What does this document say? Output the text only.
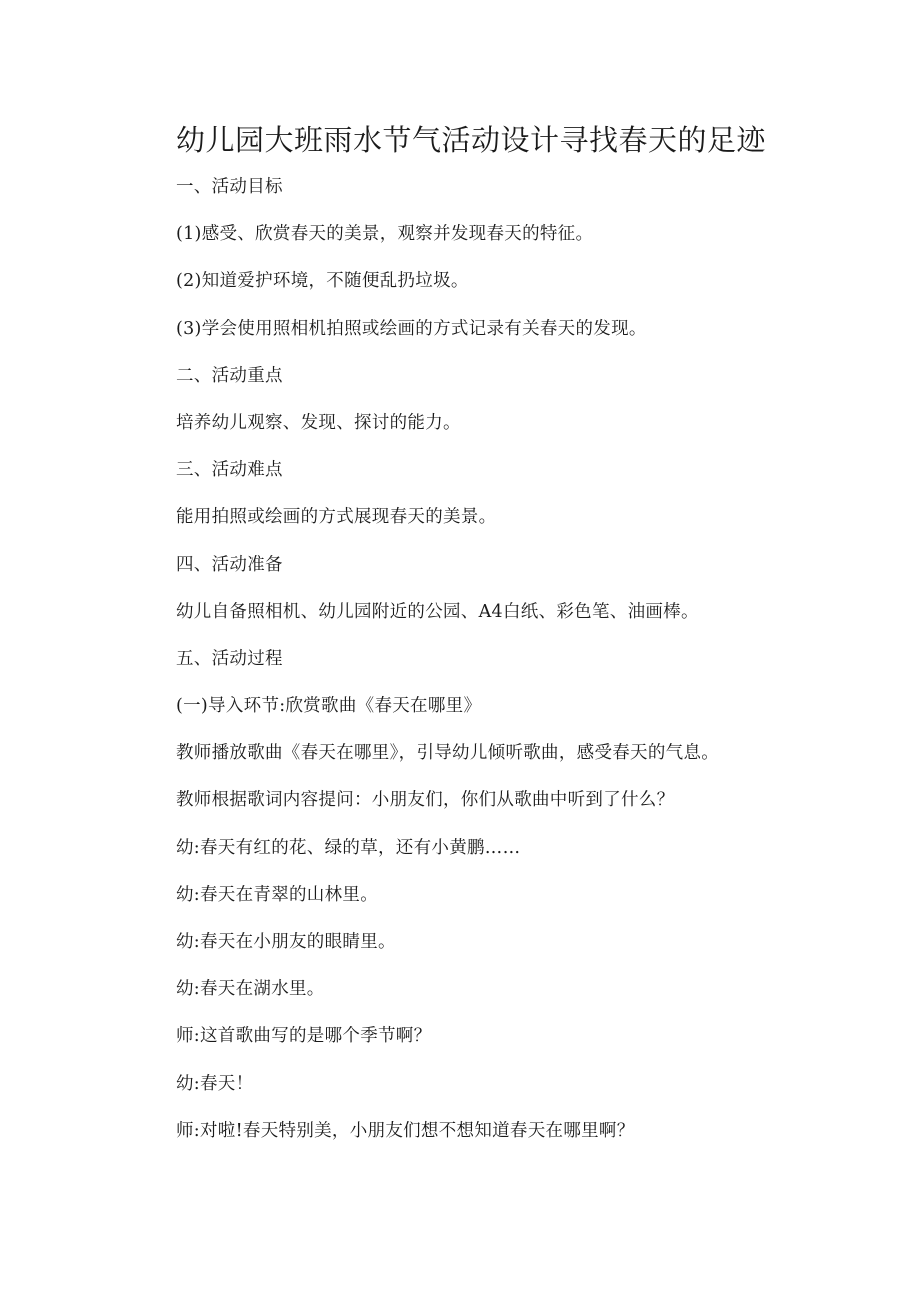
幼儿园大班雨水节气活动设计寻找春天的足迹
一、活动目标
(1)感受、欣赏春天的美景，观察并发现春天的特征。
(2)知道爱护环境，不随便乱扔垃圾。
(3)学会使用照相机拍照或绘画的方式记录有关春天的发现。
二、活动重点
培养幼儿观察、发现、探讨的能力。
三、活动难点
能用拍照或绘画的方式展现春天的美景。
四、活动准备
幼儿自备照相机、幼儿园附近的公园、A4白纸、彩色笔、油画棒。
五、活动过程
(一)导入环节:欣赏歌曲《春天在哪里》
教师播放歌曲《春天在哪里》，引导幼儿倾听歌曲，感受春天的气息。
教师根据歌词内容提问：小朋友们，你们从歌曲中听到了什么？
幼:春天有红的花、绿的草，还有小黄鹏……
幼:春天在青翠的山林里。
幼:春天在小朋友的眼睛里。
幼:春天在湖水里。
师:这首歌曲写的是哪个季节啊？
幼:春天！
师:对啦!春天特别美，小朋友们想不想知道春天在哪里啊？
